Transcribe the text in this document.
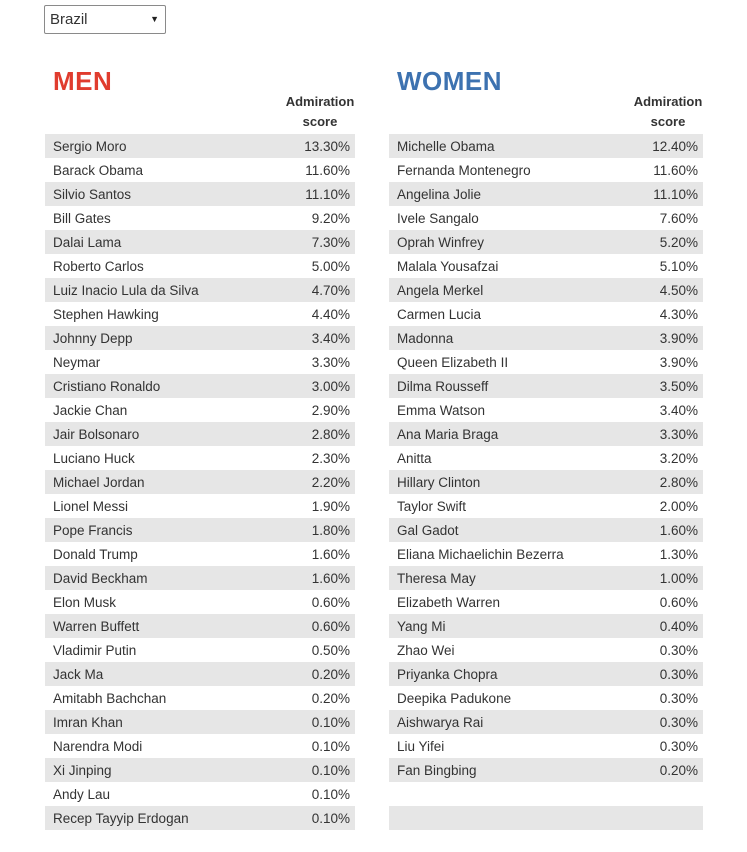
Brazil	▼
MEN
Admiration
score
Sergio Moro	13.30%
Barack Obama	11.60%
Silvio Santos	11.10%
Bill Gates	9.20%
Dalai Lama	7.30%
Roberto Carlos	5.00%
Luiz Inacio Lula da Silva	4.70%
Stephen Hawking	4.40%
Johnny Depp	3.40%
Neymar	3.30%
Cristiano Ronaldo	3.00%
Jackie Chan	2.90%
Jair Bolsonaro	2.80%
Luciano Huck	2.30%
Michael Jordan	2.20%
Lionel Messi	1.90%
Pope Francis	1.80%
Donald Trump	1.60%
David Beckham	1.60%
Elon Musk	0.60%
Warren Buffett	0.60%
Vladimir Putin	0.50%
Jack Ma	0.20%
Amitabh Bachchan	0.20%
Imran Khan	0.10%
Narendra Modi	0.10%
Xi Jinping	0.10%
Andy Lau	0.10%
Recep Tayyip Erdogan	0.10%
WOMEN
Admiration
score
Michelle Obama	12.40%
Fernanda Montenegro	11.60%
Angelina Jolie	11.10%
Ivele Sangalo	7.60%
Oprah Winfrey	5.20%
Malala Yousafzai	5.10%
Angela Merkel	4.50%
Carmen Lucia	4.30%
Madonna	3.90%
Queen Elizabeth II	3.90%
Dilma Rousseff	3.50%
Emma Watson	3.40%
Ana Maria Braga	3.30%
Anitta	3.20%
Hillary Clinton	2.80%
Taylor Swift	2.00%
Gal Gadot	1.60%
Eliana Michaelichin Bezerra	1.30%
Theresa May	1.00%
Elizabeth Warren	0.60%
Yang Mi	0.40%
Zhao Wei	0.30%
Priyanka Chopra	0.30%
Deepika Padukone	0.30%
Aishwarya Rai	0.30%
Liu Yifei	0.30%
Fan Bingbing	0.20%
